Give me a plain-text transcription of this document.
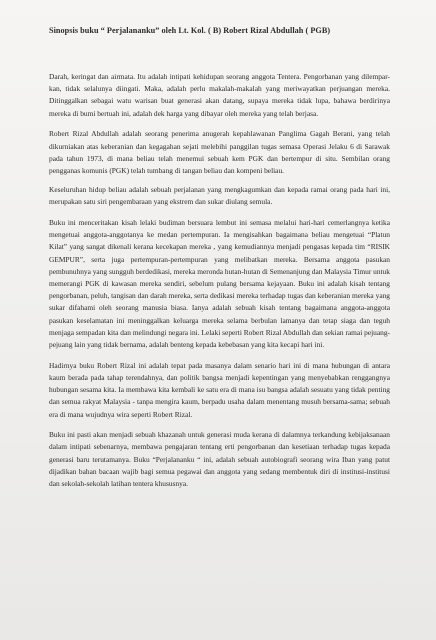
Sinopsis buku “ Perjalananku” oleh Lt. Kol. ( B) Robert Rizal Abdullah ( PGB)

Darah, keringat dan airmata. Itu adalah intipati kehidupan seorang anggota Tentera. Pengorbanan yang dilempar-kan, tidak selalunya diingati. Maka, adalah perlu makalah-makalah yang meriwayatkan perjuangan mereka. Ditinggalkan sebagai watu warisan buat generasi akan datang, supaya mereka tidak lupa, bahawa berdirinya mereka di bumi bertuah ini, adalah dek harga yang dibayar oleh mereka yang telah berjasa.

Robert Rizal Abdullah adalah seorang penerima anugerah kepahlawanan Panglima Gagah Berani, yang telah dikurniakan atas keberanian dan kegagahan sejati melebihi panggilan tugas semasa Operasi Jelaku 6 di Sarawak pada tahun 1973, di mana beliau telah menemui sebuah kem PGK dan bertempur di situ. Sembilan orang pengganas komunis (PGK) telah tumbang di tangan beliau dan kompeni beliau.

Keseluruhan hidup beliau adalah sebuah perjalanan yang mengkagumkan dan kepada ramai orang pada hari ini, merupakan satu siri pengembaraan yang ekstrem dan sukar diulang semula.

Buku ini menceritakan kisah lelaki budiman bersuara lembut ini semasa melalui hari-hari cemerlangnya ketika mengetuai anggota-anggotanya ke medan pertempuran. Ia mengisahkan bagaimana beliau mengetuai “Platun Kilat” yang sangat dikenali kerana kecekapan mereka , yang kemudiannya menjadi pengasas kepada tim “RISIK GEMPUR”, serta juga pertempuran-pertempuran yang melibatkan mereka. Bersama anggota pasukan pembunuhnya yang sungguh berdedikasi, mereka meronda hutan-hutan di Semenanjung dan Malaysia Timur untuk memerangi PGK di kawasan mereka sendiri, sebelum pulang bersama kejayaan. Buku ini adalah kisah tentang pengorbanan, peluh, tangisan dan darah mereka, serta dedikasi mereka terhadap tugas dan keberanian mereka yang sukar difahami oleh seorang manusia biasa. Ianya adalah sebuah kisah tentang bagaimana anggota-anggota pasukan keselamatan ini meninggalkan keluarga mereka selama berbulan lamanya dan tetap siaga dan teguh menjaga sempadan kita dan melindungi negara ini. Lelaki seperti Robert Rizal Abdullah dan sekian ramai pejuang-pejuang lain yang tidak bernama, adalah benteng kepada kebebasan yang kita kecapi hari ini.

Hadirnya buku Robert Rizal ini adalah tepat pada masanya dalam senario hari ini di mana hubungan di antara kaum berada pada tahap terendahnya, dan politik bangsa menjadi kepentingan yang menyebabkan renggangnya hubungan sesama kita. Ia membawa kita kembali ke satu era di mana isu bangsa adalah sesuatu yang tidak penting dan semua rakyat Malaysia - tanpa mengira kaum, berpadu usaha dalam menentang musuh bersama-sama; sebuah era di mana wujudnya wira seperti Robert Rizal.

Buku ini pasti akan menjadi sebuah khazanah untuk generasi muda kerana di dalamnya terkandung kebijaksanaan dalam intipati sebenarnya, membawa pengajaran tentang erti pengorbanan dan kesetiaan terhadap tugas kepada generasi baru terutamanya. Buku “Perjalananku “ ini, adalah sebuah autobiografi seorang wira Iban yang patut dijadikan bahan bacaan wajib bagi semua pegawai dan anggota yang sedang membentuk diri di institusi-institusi dan sekolah-sekolah latihan tentera khususnya.
